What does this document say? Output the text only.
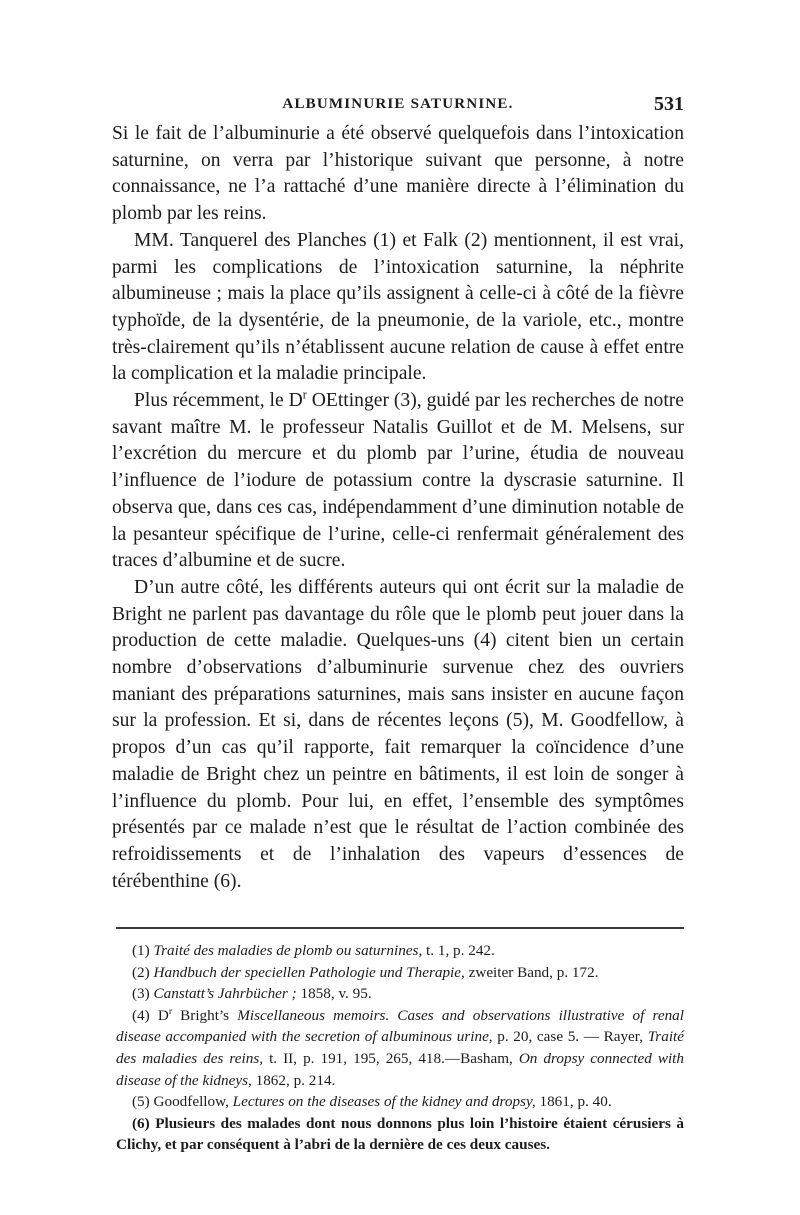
ALBUMINURIE SATURNINE.	531

Si le fait de l’albuminurie a été observé quelquefois dans l’intoxication saturnine, on verra par l’historique suivant que personne, à notre connaissance, ne l’a rattaché d’une manière directe à l’élimination du plomb par les reins.

MM. Tanquerel des Planches (1) et Falk (2) mentionnent, il est vrai, parmi les complications de l’intoxication saturnine, la néphrite albumineuse ; mais la place qu’ils assignent à celle-ci à côté de la fièvre typhoïde, de la dysentérie, de la pneumonie, de la variole, etc., montre très-clairement qu’ils n’établissent aucune relation de cause à effet entre la complication et la maladie principale.

Plus récemment, le $D^r$ OEttinger (3), guidé par les recherches de notre savant maître M. le professeur Natalis Guillot et de M. Melsens, sur l’excrétion du mercure et du plomb par l’urine, étudia de nouveau l’influence de l’iodure de potassium contre la dyscrasie saturnine. Il observa que, dans ces cas, indépendamment d’une diminution notable de la pesanteur spécifique de l’urine, celle-ci renfermait généralement des traces d’albumine et de sucre.

D’un autre côté, les différents auteurs qui ont écrit sur la maladie de Bright ne parlent pas davantage du rôle que le plomb peut jouer dans la production de cette maladie. Quelques-uns (4) citent bien un certain nombre d’observations d’albuminurie survenue chez des ouvriers maniant des préparations saturnines, mais sans insister en aucune façon sur la profession. Et si, dans de récentes leçons (5), M. Goodfellow, à propos d’un cas qu’il rapporte, fait remarquer la coïncidence d’une maladie de Bright chez un peintre en bâtiments, il est loin de songer à l’influence du plomb. Pour lui, en effet, l’ensemble des symptômes présentés par ce malade n’est que le résultat de l’action combinée des refroidissements et de l’inhalation des vapeurs d’essences de térébenthine (6).

(1) Traité des maladies de plomb ou saturnines, t. 1, p. 242.

(2) Handbuch der speciellen Pathologie und Therapie, zweiter Band, p. 172.

(3) Canstatt’s Jahrbücher ; 1858, v. 95.

(4) $D^r$ Bright’s Miscellaneous memoirs. Cases and observations illustrative of renal disease accompanied with the secretion of albuminous urine, p. 20, case 5. — Rayer, Traité des maladies des reins, t. II, p. 191, 195, 265, 418.—Basham, On dropsy connected with disease of the kidneys, 1862, p. 214.

(5) Goodfellow, Lectures on the diseases of the kidney and dropsy, 1861, p. 40.

(6) Plusieurs des malades dont nous donnons plus loin l’histoire étaient cérusiers à Clichy, et par conséquent à l’abri de la dernière de ces deux causes.
